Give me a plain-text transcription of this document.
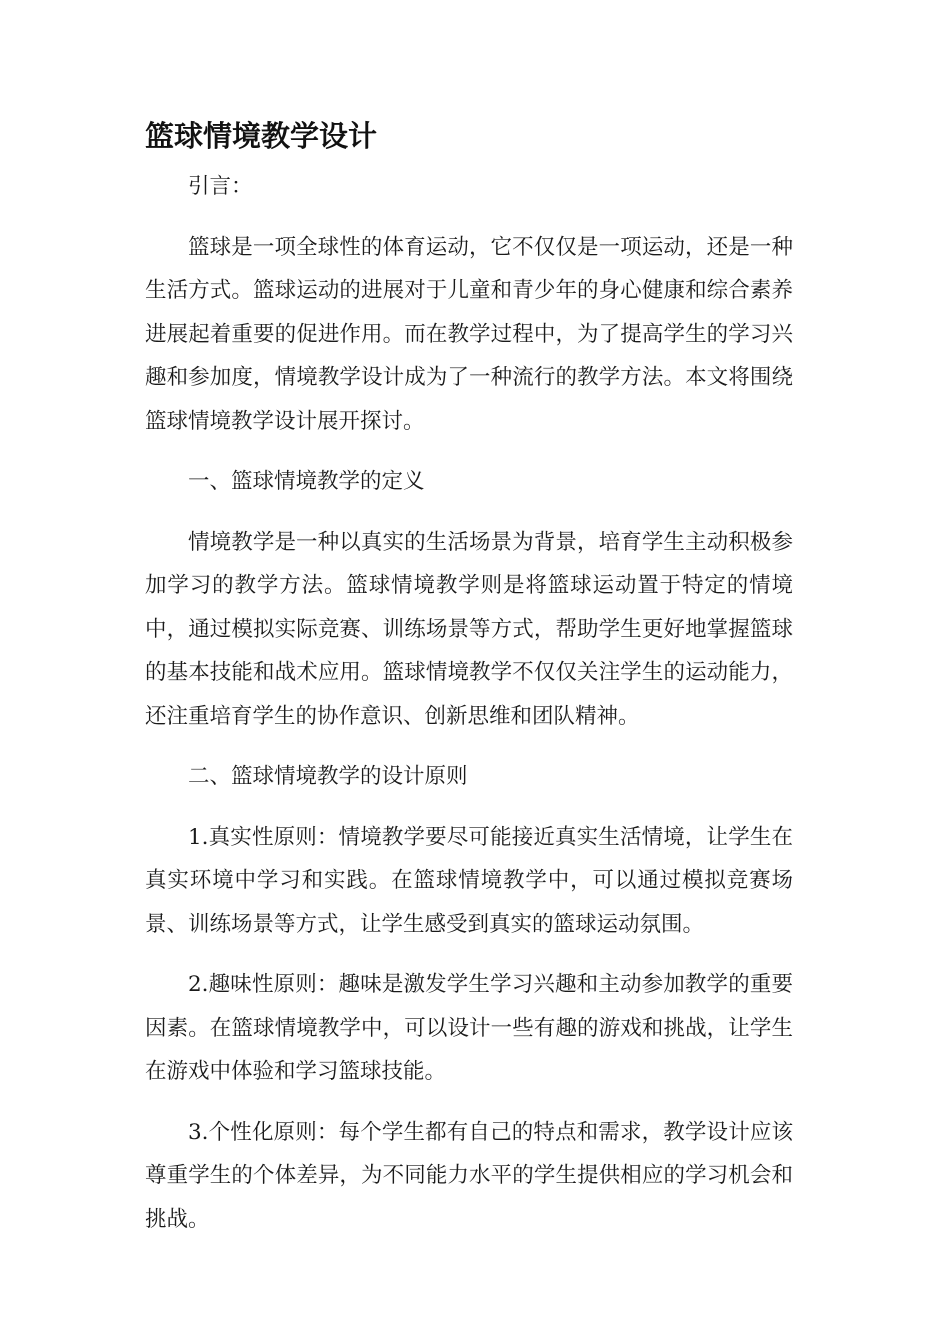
篮球情境教学设计

引言：

篮球是一项全球性的体育运动，它不仅仅是一项运动，还是一种生活方式。篮球运动的进展对于儿童和青少年的身心健康和综合素养进展起着重要的促进作用。而在教学过程中，为了提高学生的学习兴趣和参加度，情境教学设计成为了一种流行的教学方法。本文将围绕篮球情境教学设计展开探讨。

一、篮球情境教学的定义

情境教学是一种以真实的生活场景为背景，培育学生主动积极参加学习的教学方法。篮球情境教学则是将篮球运动置于特定的情境中，通过模拟实际竞赛、训练场景等方式，帮助学生更好地掌握篮球的基本技能和战术应用。篮球情境教学不仅仅关注学生的运动能力，还注重培育学生的协作意识、创新思维和团队精神。

二、篮球情境教学的设计原则

1.真实性原则：情境教学要尽可能接近真实生活情境，让学生在真实环境中学习和实践。在篮球情境教学中，可以通过模拟竞赛场景、训练场景等方式，让学生感受到真实的篮球运动氛围。

2.趣味性原则：趣味是激发学生学习兴趣和主动参加教学的重要因素。在篮球情境教学中，可以设计一些有趣的游戏和挑战，让学生在游戏中体验和学习篮球技能。

3.个性化原则：每个学生都有自己的特点和需求，教学设计应该尊重学生的个体差异，为不同能力水平的学生提供相应的学习机会和挑战。
